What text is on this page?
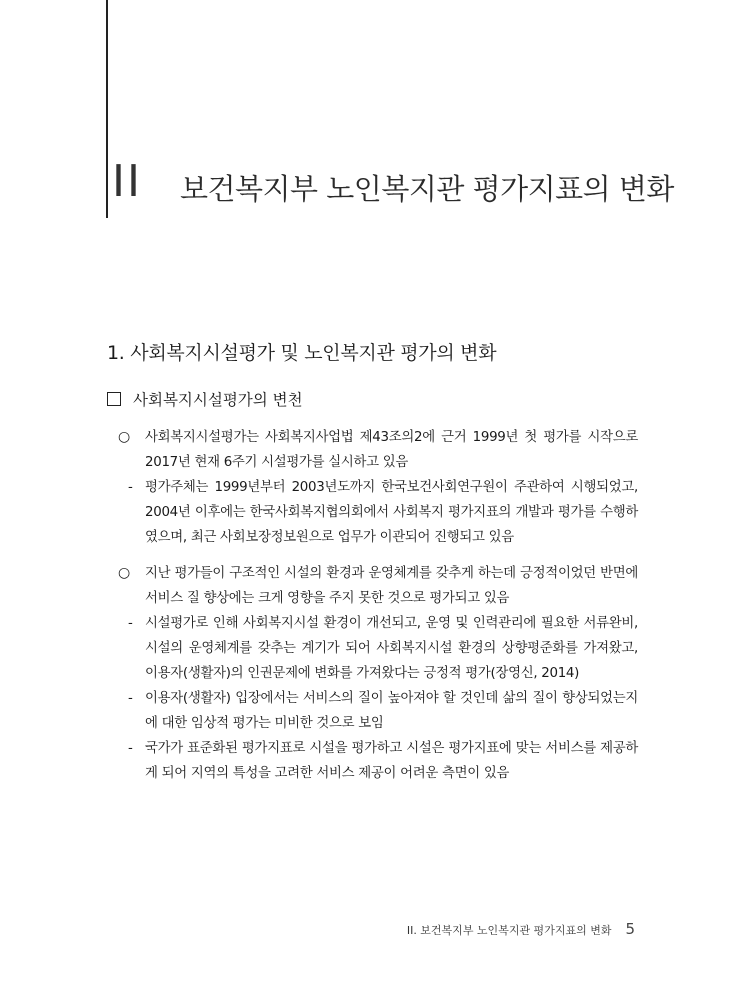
II 보건복지부 노인복지관 평가지표의 변화
1. 사회복지시설평가 및 노인복지관 평가의 변화
사회복지시설평가의 변천
○ 사회복지시설평가는 사회복지사업법 제43조의2에 근거 1999년 첫 평가를 시작으로 2017년 현재 6주기 시설평가를 실시하고 있음
- 평가주체는 1999년부터 2003년도까지 한국보건사회연구원이 주관하여 시행되었고, 2004년 이후에는 한국사회복지협의회에서 사회복지 평가지표의 개발과 평가를 수행하였으며, 최근 사회보장정보원으로 업무가 이관되어 진행되고 있음
○ 지난 평가들이 구조적인 시설의 환경과 운영체계를 갖추게 하는데 긍정적이었던 반면에 서비스 질 향상에는 크게 영향을 주지 못한 것으로 평가되고 있음
- 시설평가로 인해 사회복지시설 환경이 개선되고, 운영 및 인력관리에 필요한 서류완비, 시설의 운영체계를 갖추는 계기가 되어 사회복지시설 환경의 상향평준화를 가져왔고, 이용자(생활자)의 인권문제에 변화를 가져왔다는 긍정적 평가(장영신, 2014)
- 이용자(생활자) 입장에서는 서비스의 질이 높아져야 할 것인데 삶의 질이 향상되었는지에 대한 임상적 평가는 미비한 것으로 보임
- 국가가 표준화된 평가지표로 시설을 평가하고 시설은 평가지표에 맞는 서비스를 제공하게 되어 지역의 특성을 고려한 서비스 제공이 어려운 측면이 있음
II. 보건복지부 노인복지관 평가지표의 변화 5
